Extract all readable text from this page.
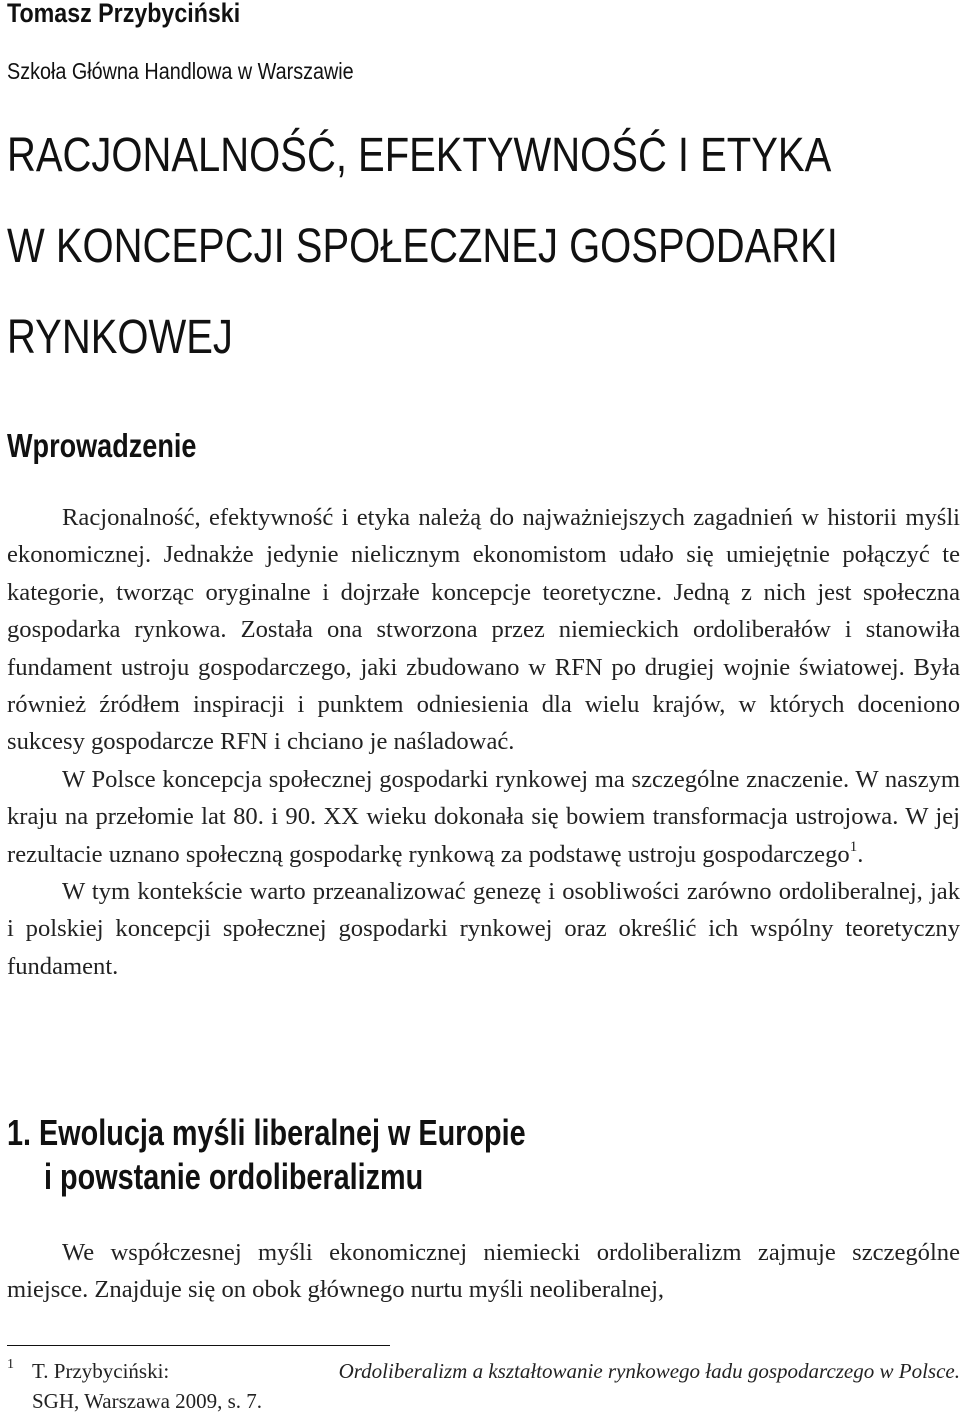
Tomasz Przybyciński
Szkoła Główna Handlowa w Warszawie
RACJONALNOŚĆ, EFEKTYWNOŚĆ I ETYKA
W KONCEPCJI SPOŁECZNEJ GOSPODARKI
RYNKOWEJ
Wprowadzenie

Racjonalność, efektywność i etyka należą do najważniejszych zagadnień w historii myśli ekonomicznej. Jednakże jedynie nielicznym ekonomistom udało się umiejętnie połączyć te kategorie, tworząc oryginalne i dojrzałe koncepcje teoretyczne. Jedną z nich jest społeczna gospodarka rynkowa. Została ona stworzona przez niemieckich ordoliberałów i stanowiła fundament ustroju gospodarczego, jaki zbudowano w RFN po drugiej wojnie światowej. Była również źródłem inspiracji i punktem odniesienia dla wielu krajów, w których doceniono sukcesy gospodarcze RFN i chciano je naśladować.

W Polsce koncepcja społecznej gospodarki rynkowej ma szczególne znaczenie. W naszym kraju na przełomie lat 80. i 90. XX wieku dokonała się bowiem transformacja ustrojowa. W jej rezultacie uznano społeczną gospodarkę rynkową za podstawę ustroju gospodarczego$^1$.

W tym kontekście warto przeanalizować genezę i osobliwości zarówno ordoliberalnej, jak i polskiej koncepcji społecznej gospodarki rynkowej oraz określić ich wspólny teoretyczny fundament.

1. Ewolucja myśli liberalnej w Europie
i powstanie ordoliberalizmu

We współczesnej myśli ekonomicznej niemiecki ordoliberalizm zajmuje szczególne miejsce. Znajduje się on obok głównego nurtu myśli neoliberalnej,

1 T. Przybyciński:	Ordoliberalizm a kształtowanie rynkowego ładu gospodarczego w Polsce.
SGH, Warszawa 2009, s. 7.
